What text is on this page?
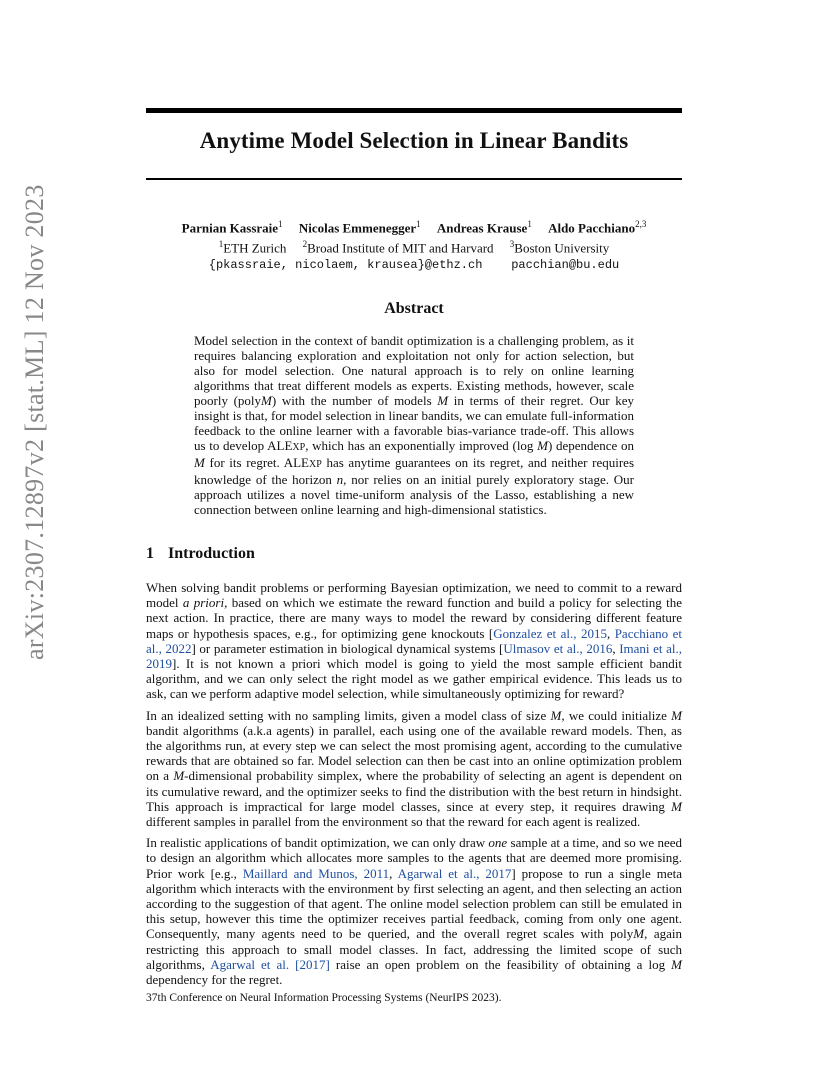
arXiv:2307.12897v2 [stat.ML] 12 Nov 2023
Anytime Model Selection in Linear Bandits
Parnian Kassraie$^1$ Nicolas Emmenegger$^1$ Andreas Krause$^1$ Aldo Pacchiano$^{2,3}$
$^1$ETH Zurich $^2$Broad Institute of MIT and Harvard $^3$Boston University
{pkassraie, nicolaem, krausea}@ethz.ch pacchian@bu.edu
Abstract
Model selection in the context of bandit optimization is a challenging problem, as it requires balancing exploration and exploitation not only for action selection, but also for model selection. One natural approach is to rely on online learning algorithms that treat different models as experts. Existing methods, however, scale poorly (polyM) with the number of models M in terms of their regret. Our key insight is that, for model selection in linear bandits, we can emulate full-information feedback to the online learner with a favorable bias-variance trade-off. This allows us to develop ALEXP, which has an exponentially improved (log M) dependence on M for its regret. ALEXP has anytime guarantees on its regret, and neither requires knowledge of the horizon n, nor relies on an initial purely exploratory stage. Our approach utilizes a novel time-uniform analysis of the Lasso, establishing a new connection between online learning and high-dimensional statistics.
1 Introduction

When solving bandit problems or performing Bayesian optimization, we need to commit to a reward model a priori, based on which we estimate the reward function and build a policy for selecting the next action. In practice, there are many ways to model the reward by considering different feature maps or hypothesis spaces, e.g., for optimizing gene knockouts [Gonzalez et al., 2015, Pacchiano et al., 2022] or parameter estimation in biological dynamical systems [Ulmasov et al., 2016, Imani et al., 2019]. It is not known a priori which model is going to yield the most sample efficient bandit algorithm, and we can only select the right model as we gather empirical evidence. This leads us to ask, can we perform adaptive model selection, while simultaneously optimizing for reward?

In an idealized setting with no sampling limits, given a model class of size M, we could initialize M bandit algorithms (a.k.a agents) in parallel, each using one of the available reward models. Then, as the algorithms run, at every step we can select the most promising agent, according to the cumulative rewards that are obtained so far. Model selection can then be cast into an online optimization problem on a M-dimensional probability simplex, where the probability of selecting an agent is dependent on its cumulative reward, and the optimizer seeks to find the distribution with the best return in hindsight. This approach is impractical for large model classes, since at every step, it requires drawing M different samples in parallel from the environment so that the reward for each agent is realized.

In realistic applications of bandit optimization, we can only draw one sample at a time, and so we need to design an algorithm which allocates more samples to the agents that are deemed more promising. Prior work [e.g., Maillard and Munos, 2011, Agarwal et al., 2017] propose to run a single meta algorithm which interacts with the environment by first selecting an agent, and then selecting an action according to the suggestion of that agent. The online model selection problem can still be emulated in this setup, however this time the optimizer receives partial feedback, coming from only one agent. Consequently, many agents need to be queried, and the overall regret scales with polyM, again restricting this approach to small model classes. In fact, addressing the limited scope of such algorithms, Agarwal et al. [2017] raise an open problem on the feasibility of obtaining a log M dependency for the regret.

37th Conference on Neural Information Processing Systems (NeurIPS 2023).
